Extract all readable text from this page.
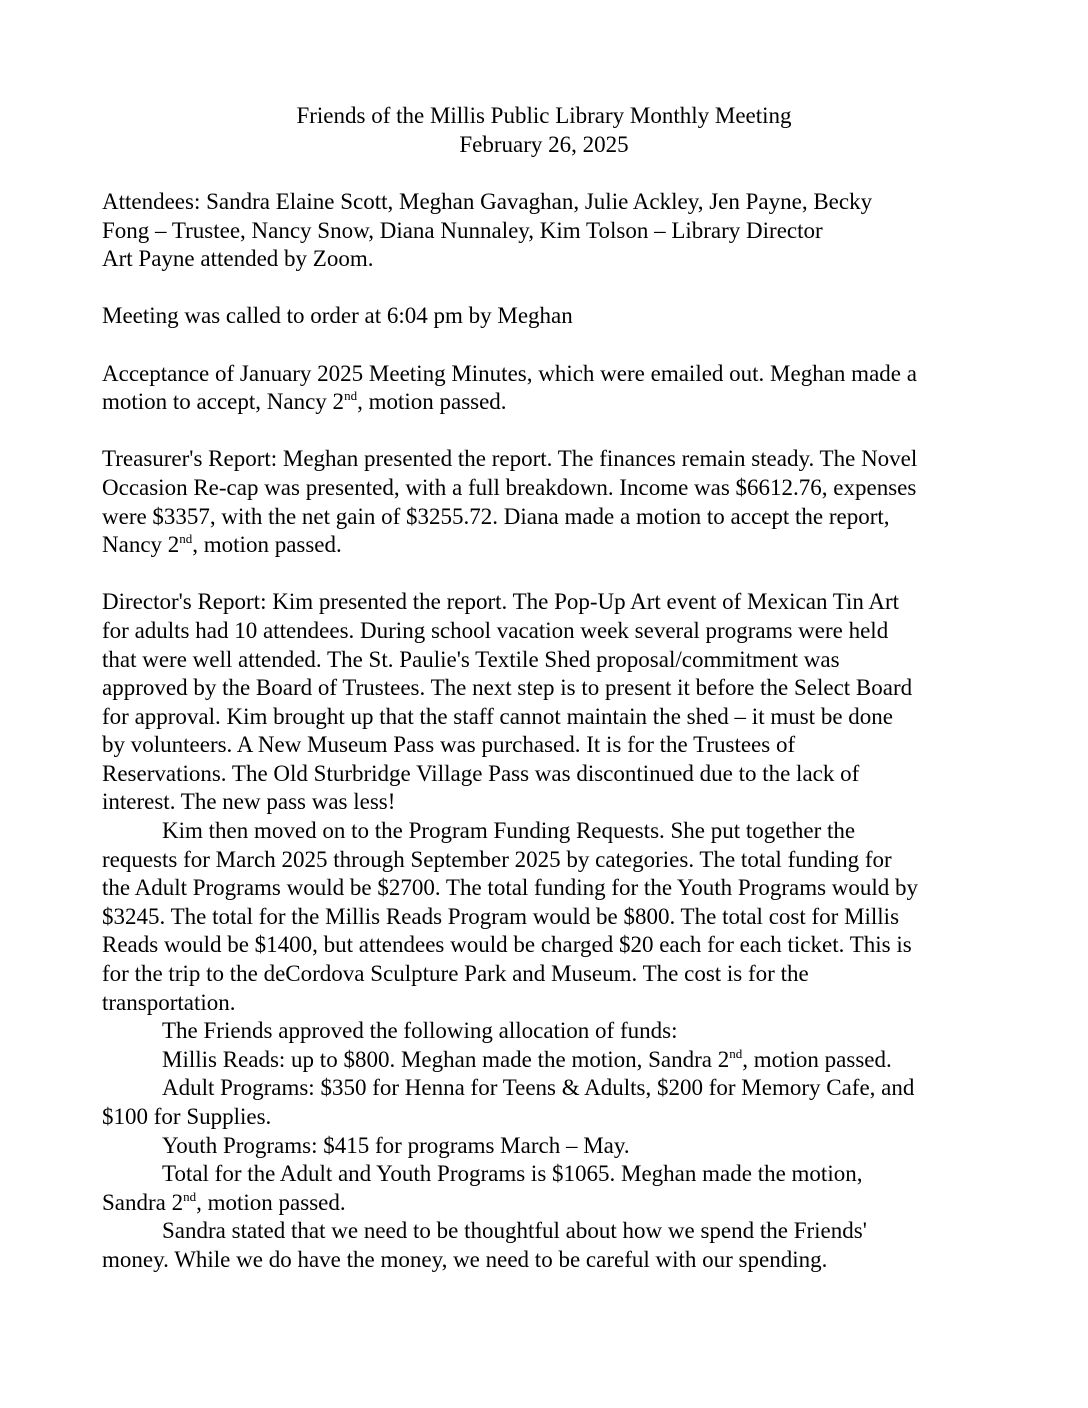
Friends of the Millis Public Library Monthly Meeting
February 26, 2025
Attendees: Sandra Elaine Scott, Meghan Gavaghan, Julie Ackley, Jen Payne, Becky
Fong – Trustee, Nancy Snow, Diana Nunnaley, Kim Tolson – Library Director
Art Payne attended by Zoom.
Meeting was called to order at 6:04 pm by Meghan
Acceptance of January 2025 Meeting Minutes, which were emailed out. Meghan made a
motion to accept, Nancy 2nd, motion passed.
Treasurer's Report: Meghan presented the report. The finances remain steady. The Novel
Occasion Re-cap was presented, with a full breakdown. Income was $6612.76, expenses
were $3357, with the net gain of $3255.72. Diana made a motion to accept the report,
Nancy 2nd, motion passed.
Director's Report: Kim presented the report. The Pop-Up Art event of Mexican Tin Art
for adults had 10 attendees. During school vacation week several programs were held
that were well attended. The St. Paulie's Textile Shed proposal/commitment was
approved by the Board of Trustees. The next step is to present it before the Select Board
for approval. Kim brought up that the staff cannot maintain the shed – it must be done
by volunteers. A New Museum Pass was purchased. It is for the Trustees of
Reservations. The Old Sturbridge Village Pass was discontinued due to the lack of
interest. The new pass was less!
Kim then moved on to the Program Funding Requests. She put together the
requests for March 2025 through September 2025 by categories. The total funding for
the Adult Programs would be $2700. The total funding for the Youth Programs would by
$3245. The total for the Millis Reads Program would be $800. The total cost for Millis
Reads would be $1400, but attendees would be charged $20 each for each ticket. This is
for the trip to the deCordova Sculpture Park and Museum. The cost is for the
transportation.
The Friends approved the following allocation of funds:
Millis Reads: up to $800. Meghan made the motion, Sandra 2nd, motion passed.
Adult Programs: $350 for Henna for Teens & Adults, $200 for Memory Cafe, and
$100 for Supplies.
Youth Programs: $415 for programs March – May.
Total for the Adult and Youth Programs is $1065. Meghan made the motion,
Sandra 2nd, motion passed.
Sandra stated that we need to be thoughtful about how we spend the Friends'
money. While we do have the money, we need to be careful with our spending.
